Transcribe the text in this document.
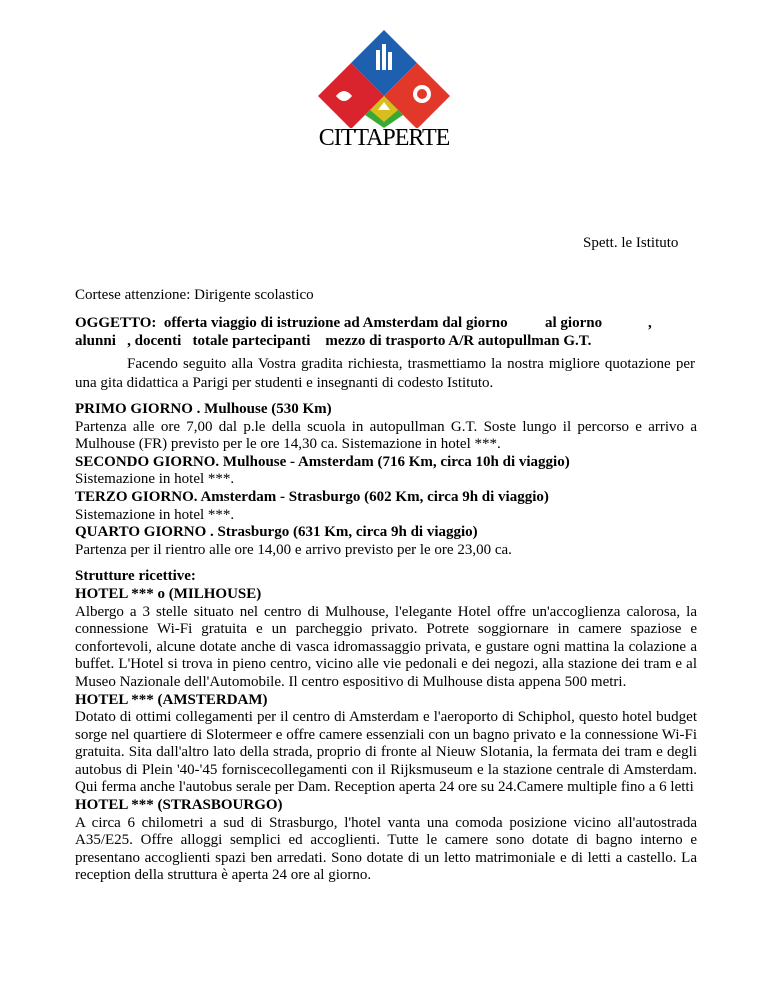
CITTAPERTE
Spett. le Istituto
Cortese attenzione: Dirigente scolastico

OGGETTO:  offerta viaggio di istruzione ad Amsterdam dal giorno

al giorno

	,

alunni   , docenti   totale partecipanti    mezzo di trasporto A/R autopullman G.T.
Facendo seguito alla Vostra gradita richiesta, trasmettiamo la nostra migliore quotazione per una gita didattica a Parigi per studenti e insegnanti di codesto Istituto.

PRIMO GIORNO . Mulhouse (530 Km)

Partenza alle ore 7,00 dal p.le della scuola in autopullman G.T. Soste lungo il percorso e arrivo a Mulhouse (FR) previsto per le ore 14,30 ca. Sistemazione in hotel ***.

SECONDO GIORNO. Mulhouse - Amsterdam (716 Km, circa 10h di viaggio)

Sistemazione in hotel ***.

TERZO GIORNO. Amsterdam - Strasburgo (602 Km, circa 9h di viaggio)

Sistemazione in hotel ***.

QUARTO GIORNO . Strasburgo (631 Km, circa 9h di viaggio)

Partenza per il rientro alle ore 14,00 e arrivo previsto per le ore 23,00 ca.

Strutture ricettive:

HOTEL *** o (MILHOUSE)

Albergo a 3 stelle situato nel centro di Mulhouse, l'elegante Hotel offre un'accoglienza calorosa, la connessione Wi-Fi gratuita e un parcheggio privato. Potrete soggiornare in camere spaziose e confortevoli, alcune dotate anche di vasca idromassaggio privata, e gustare ogni mattina la colazione a buffet. L'Hotel si trova in pieno centro, vicino alle vie pedonali e dei negozi, alla stazione dei tram e al Museo Nazionale dell'Automobile. Il centro espositivo di Mulhouse dista appena 500 metri.

HOTEL *** (AMSTERDAM)

Dotato di ottimi collegamenti per il centro di Amsterdam e l'aeroporto di Schiphol, questo hotel budget sorge nel quartiere di Slotermeer e offre camere essenziali con un bagno privato e la connessione Wi-Fi gratuita. Sita dall'altro lato della strada, proprio di fronte al Nieuw Slotania, la fermata dei tram e degli autobus di Plein '40-'45 fornisce​collegamenti con il Rijksmuseum e la stazione centrale di Amsterdam. Qui ferma anche l'autobus serale per Dam. Reception aperta 24 ore su 24.Camere multiple fino a 6 letti

HOTEL *** (STRASBOURGO)

A circa 6 chilometri a sud di Strasburgo, l'hotel vanta una comoda posizione vicino all'autostrada A35/E25. Offre alloggi semplici ed accoglienti. Tutte le camere sono dotate di bagno interno e presentano accoglienti spazi ben arredati. Sono dotate di un letto matrimoniale e di letti a castello. La reception della struttura è aperta 24 ore al giorno.
